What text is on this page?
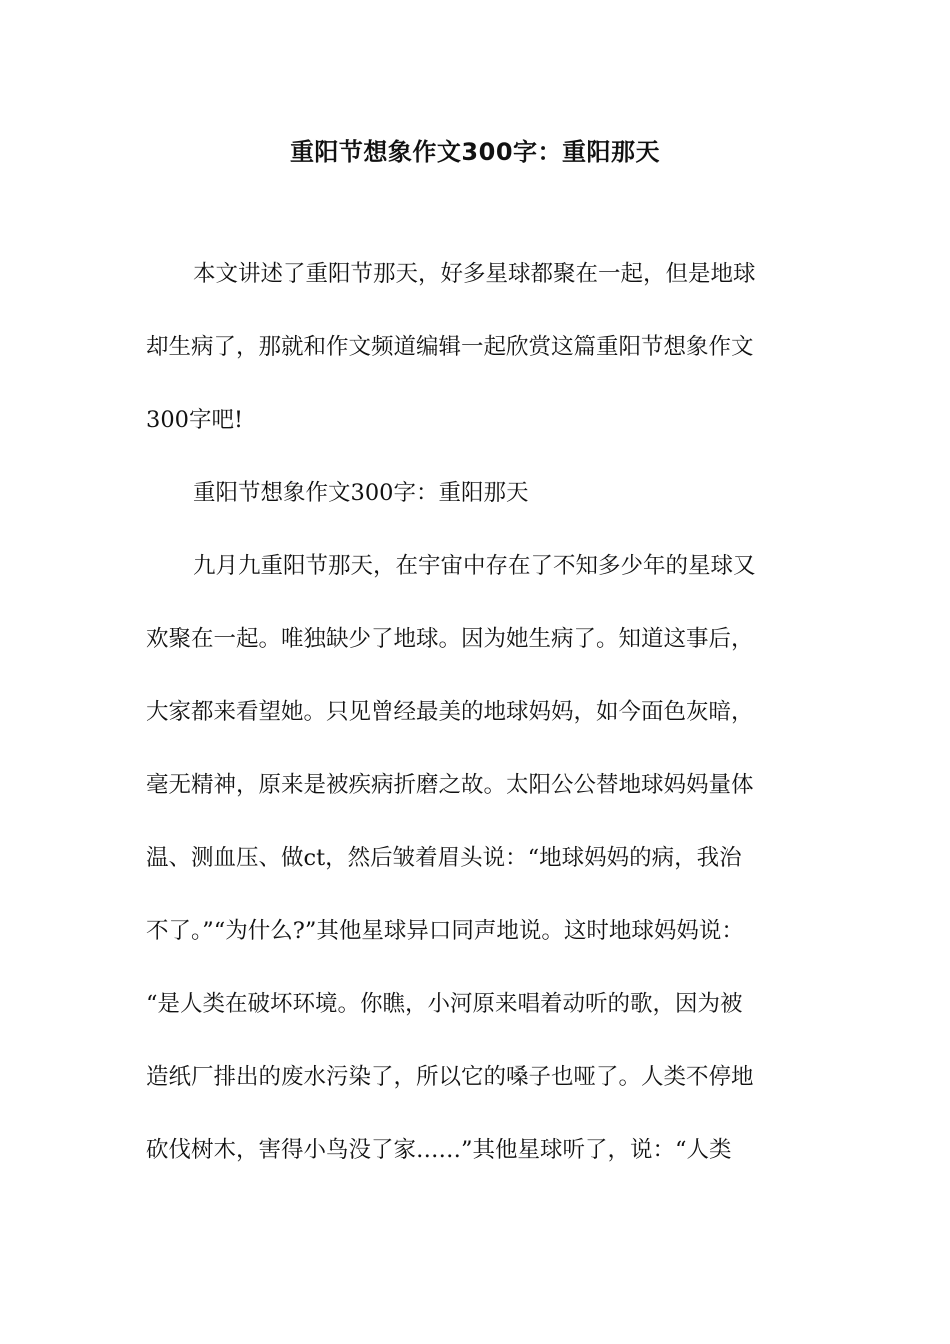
重阳节想象作文300字：重阳那天
本文讲述了重阳节那天，好多星球都聚在一起，但是地球
却生病了，那就和作文频道编辑一起欣赏这篇重阳节想象作文
300字吧!
重阳节想象作文300字：重阳那天
九月九重阳节那天，在宇宙中存在了不知多少年的星球又
欢聚在一起。唯独缺少了地球。因为她生病了。知道这事后，
大家都来看望她。只见曾经最美的地球妈妈，如今面色灰暗，
毫无精神，原来是被疾病折磨之故。太阳公公替地球妈妈量体
温、测血压、做ct，然后皱着眉头说：“地球妈妈的病，我治
不了。”“为什么?”其他星球异口同声地说。这时地球妈妈说：
“是人类在破坏环境。你瞧，小河原来唱着动听的歌，因为被
造纸厂排出的废水污染了，所以它的嗓子也哑了。人类不停地
砍伐树木，害得小鸟没了家……”其他星球听了，说：“人类
